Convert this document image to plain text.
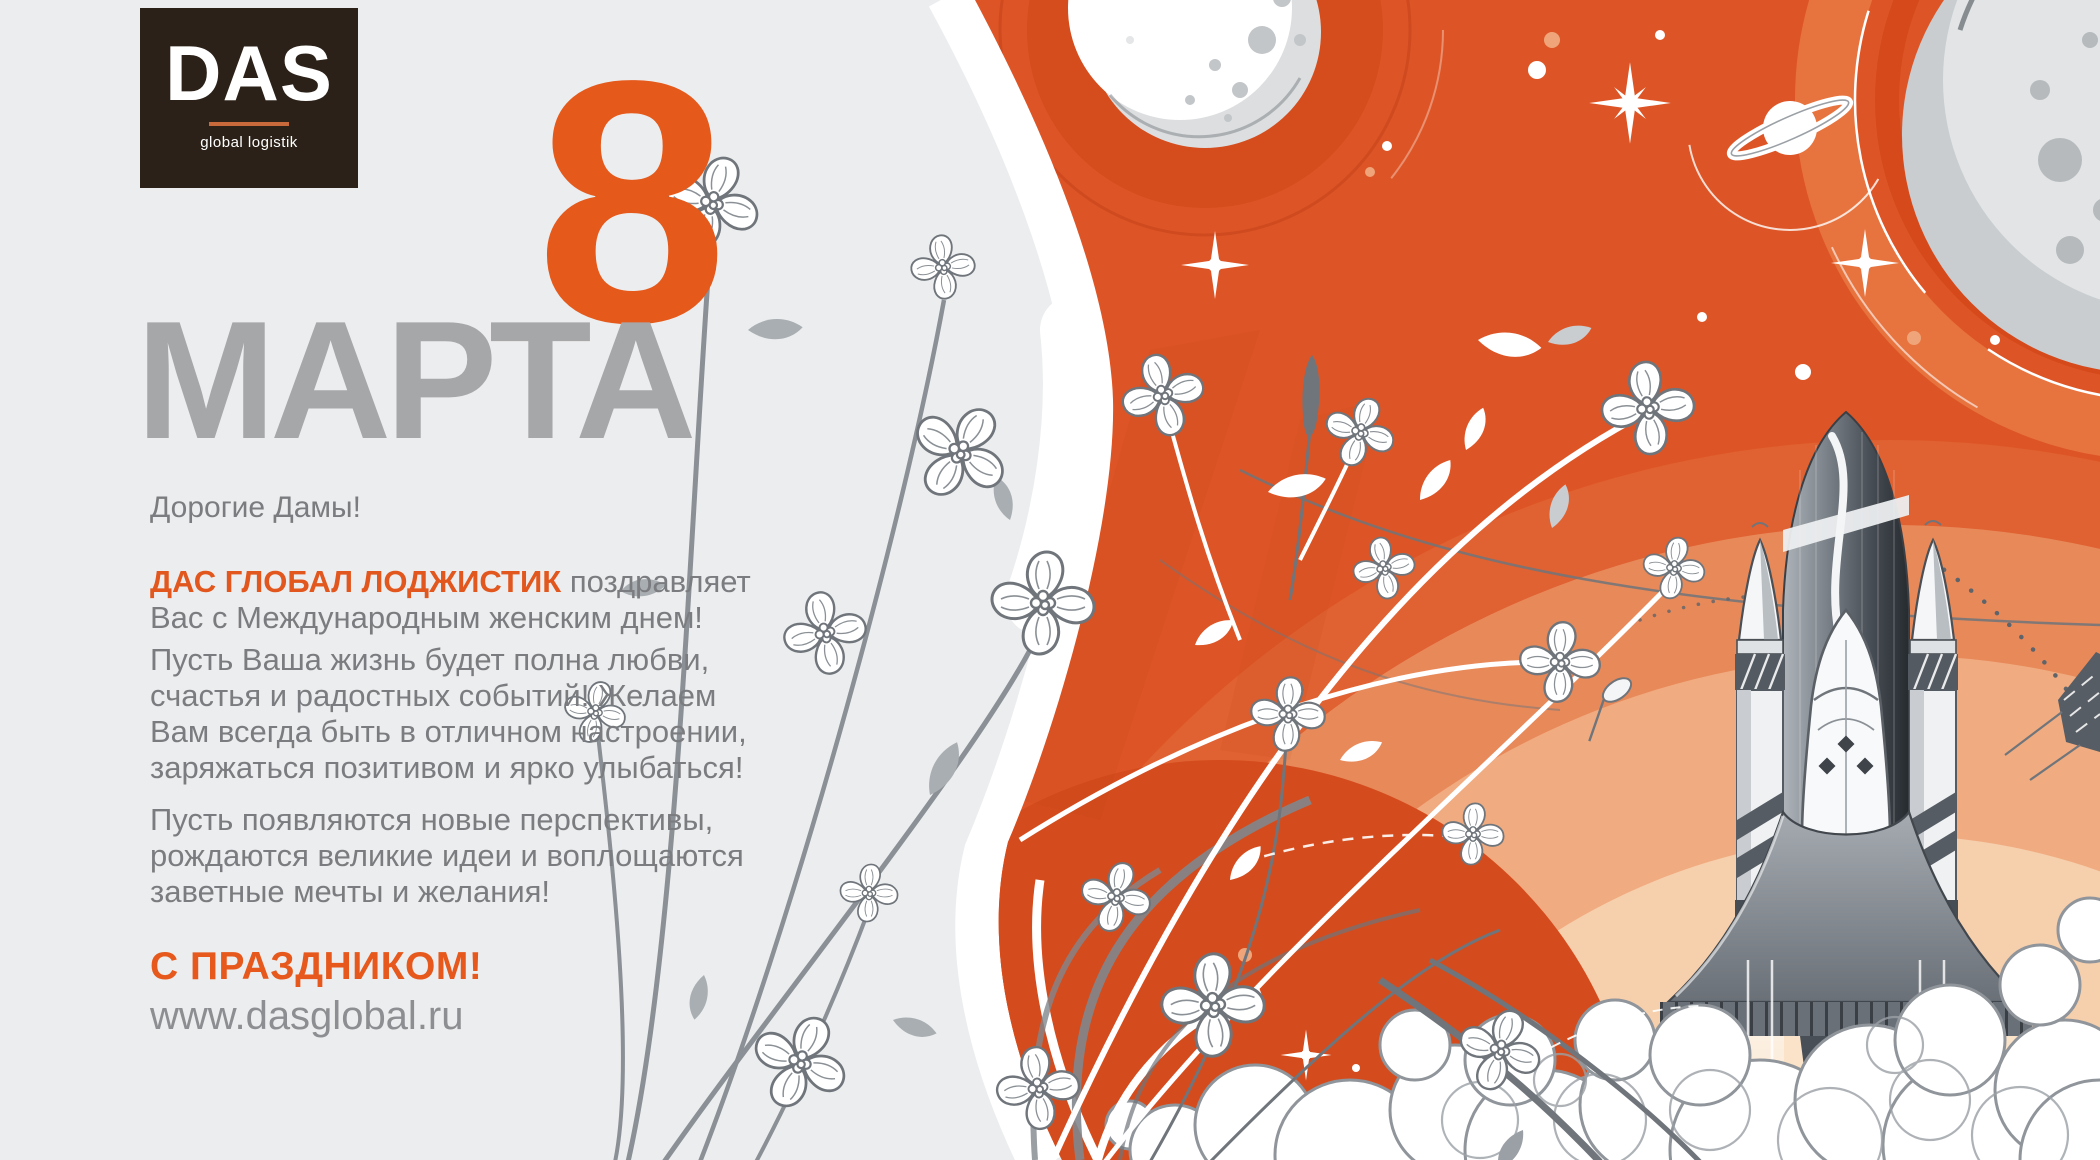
DAS
global logistik 8
МАРТА
Дорогие Дамы!
ДАС ГЛОБАЛ ЛОДЖИСТИК поздравляет
Вас с Международным женским днем!
Пусть Ваша жизнь будет полна любви,
счастья и радостных событий! Желаем
Вам всегда быть в отличном настроении,
заряжаться позитивом и ярко улыбаться!
Пусть появляются новые перспективы,
рождаются великие идеи и воплощаются
заветные мечты и желания!
С ПРАЗДНИКОМ!
www.dasglobal.ru
